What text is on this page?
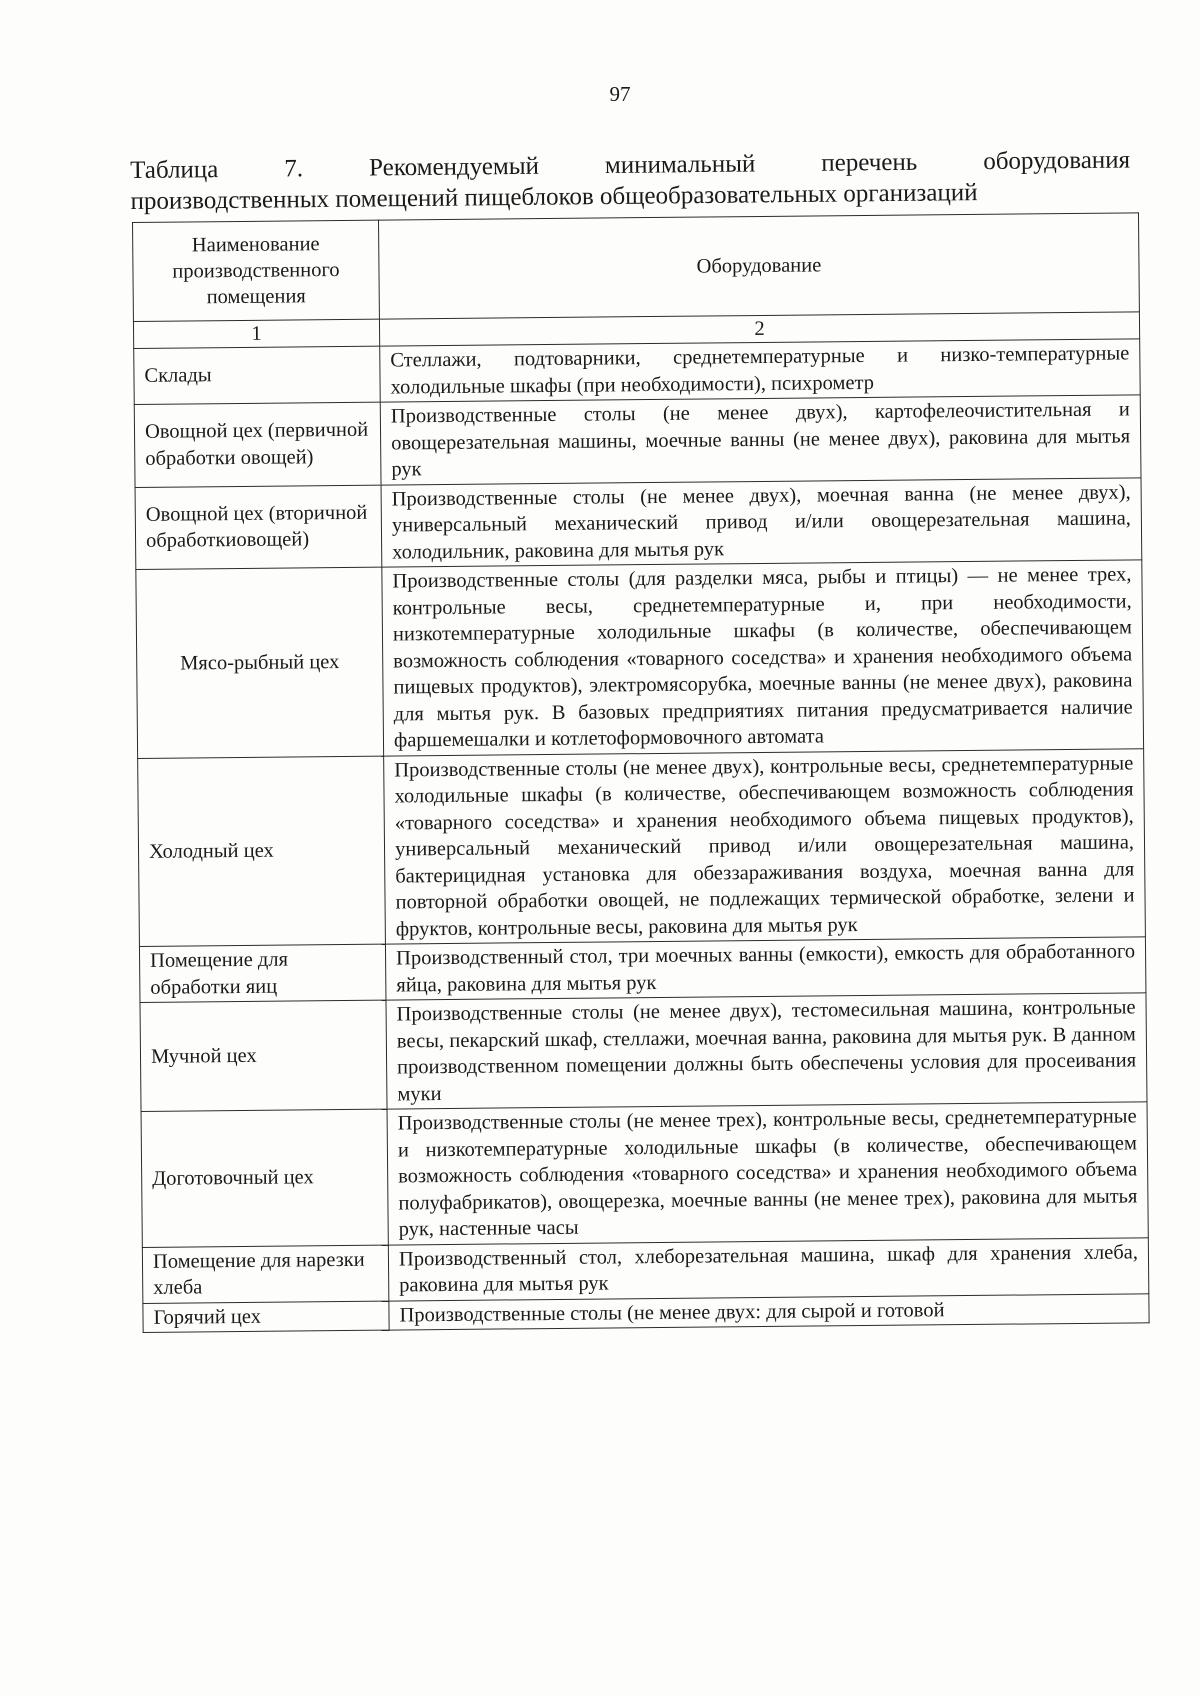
97
Таблица	7.	Рекомендуемый	минимальный	перечень	оборудования
производственных помещений пищеблоков общеобразовательных организаций
Наименование производственного помещения	Оборудование
1	2
Склады	Стеллажи, подтоварники, среднетемпературные и низко-температурные холодильные шкафы (при необходимости), психрометр
Овощной цех (первичной обработки овощей)	Производственные столы (не менее двух), картофелеочистительная и овощерезательная машины, моечные ванны (не менее двух), раковина для мытья рук
Овощной цех (вторичной обработкиовощей)	Производственные столы (не менее двух), моечная ванна (не менее двух), универсальный механический привод и/или овощерезательная машина, холодильник, раковина для мытья рук
Мясо-рыбный цех	Производственные столы (для разделки мяса, рыбы и птицы) — не менее трех, контрольные весы, среднетемпературные и, при необходимости, низкотемпературные холодильные шкафы (в количестве, обеспечивающем возможность соблюдения «товарного соседства» и хранения необходимого объема пищевых продуктов), электромясорубка, моечные ванны (не менее двух), раковина для мытья рук. В базовых предприятиях питания предусматривается наличие фаршемешалки и котлетоформовочного автомата
Холодный цех	Производственные столы (не менее двух), контрольные весы, среднетемпературные холодильные шкафы (в количестве, обеспечивающем возможность соблюдения «товарного соседства» и хранения необходимого объема пищевых продуктов), универсальный механический привод и/или овощерезательная машина, бактерицидная установка для обеззараживания воздуха, моечная ванна для повторной обработки овощей, не подлежащих термической обработке, зелени и фруктов, контрольные весы, раковина для мытья рук
Помещение для обработки яиц	Производственный стол, три моечных ванны (емкости), емкость для обработанного яйца, раковина для мытья рук
Мучной цех	Производственные столы (не менее двух), тестомесильная машина, контрольные весы, пекарский шкаф, стеллажи, моечная ванна, раковина для мытья рук. В данном производственном помещении должны быть обеспечены условия для просеивания муки
Доготовочный цех	Производственные столы (не менее трех), контрольные весы, среднетемпературные и низкотемпературные холодильные шкафы (в количестве, обеспечивающем возможность соблюдения «товарного соседства» и хранения необходимого объема полуфабрикатов), овощерезка, моечные ванны (не менее трех), раковина для мытья рук, настенные часы
Помещение для нарезки хлеба	Производственный стол, хлеборезательная машина, шкаф для хранения хлеба, раковина для мытья рук
Горячий цех	Производственные столы (не менее двух: для сырой и готовой
